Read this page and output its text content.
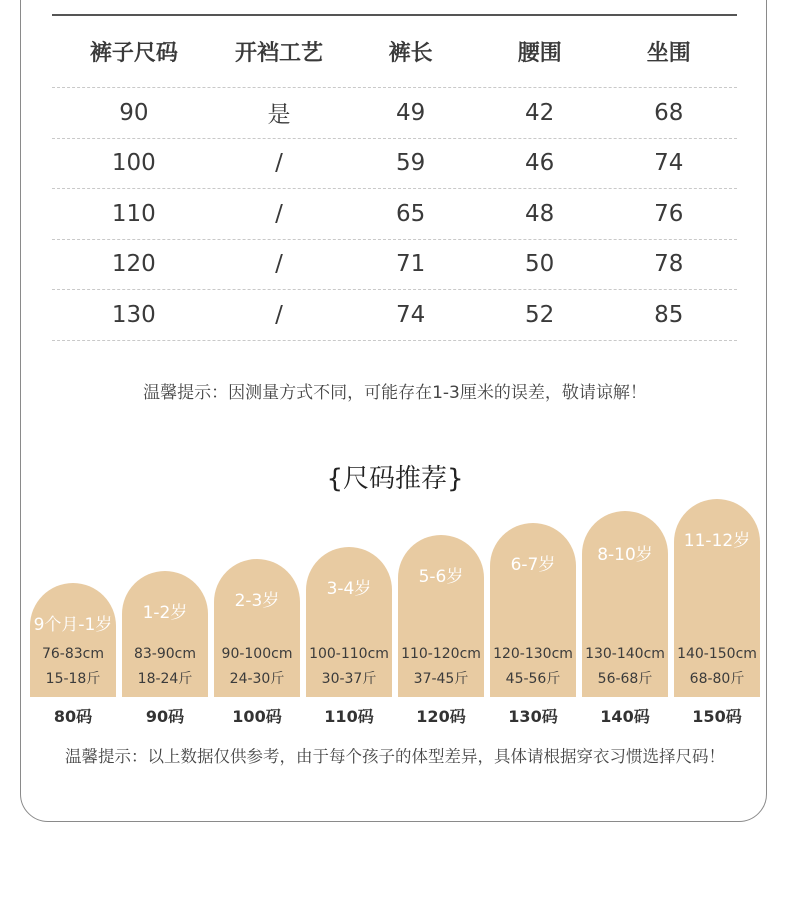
裤子尺码	开裆工艺	裤长	腰围	坐围
90	是	49	42	68
100	/	59	46	74
110	/	65	48	76
120	/	71	50	78
130	/	74	52	85
温馨提示：因测量方式不同，可能存在1-3厘米的误差，敬请谅解！
{尺码推荐}
9个月-1岁
76-83cm
15-18斤
80码
1-2岁
83-90cm
18-24斤
90码
2-3岁
90-100cm
24-30斤
100码
3-4岁
100-110cm
30-37斤
110码
5-6岁
110-120cm
37-45斤
120码
6-7岁
120-130cm
45-56斤
130码
8-10岁
130-140cm
56-68斤
140码
11-12岁
140-150cm
68-80斤
150码
温馨提示：以上数据仅供参考，由于每个孩子的体型差异，具体请根据穿衣习惯选择尺码！
